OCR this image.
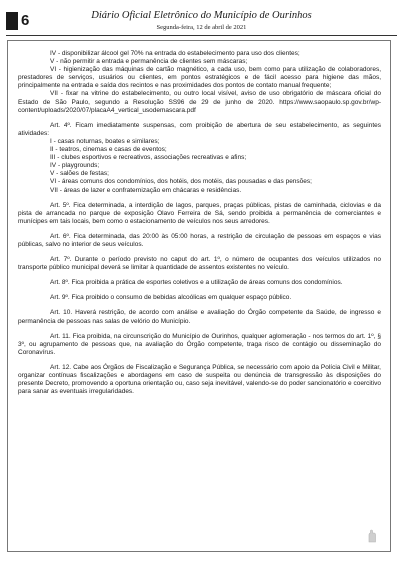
6	Diário Oficial Eletrônico do Município de Ourinhos
Segunda-feira, 12 de abril de 2021

IV - disponibilizar álcool gel 70% na entrada do estabelecimento para uso dos clientes;

V - não permitir a entrada e permanência de clientes sem máscaras;

VI - higienização das máquinas de cartão magnético, a cada uso, bem como para utilização de colaboradores, prestadores de serviços, usuários ou clientes, em pontos estratégicos e de fácil acesso para higiene das mãos, principalmente na entrada e saída dos recintos e nas proximidades dos pontos de contato manual frequente;

VII - fixar na vitrine do estabelecimento, ou outro local visível, aviso de uso obrigatório de máscara oficial do Estado de São Paulo, segundo a Resolução SS96 de 29 de junho de 2020. https://www.saopaulo.sp.gov.br/wp-content/uploads/2020/07/placaA4_vertical_usodemascara.pdf

Art. 4º. Ficam imediatamente suspensas, com proibição de abertura de seu estabelecimento, as seguintes atividades:

I - casas noturnas, boates e similares;

II - teatros, cinemas e casas de eventos;

III - clubes esportivos e recreativos, associações recreativas e afins;

IV - playgrounds;

V - salões de festas;

VI - áreas comuns dos condomínios, dos hotéis, dos motéis, das pousadas e das pensões;

VII - áreas de lazer e confraternização em chácaras e residências.

Art. 5º. Fica determinada, a interdição de lagos, parques, praças públicas, pistas de caminhada, ciclovias e da pista de arrancada no parque de exposição Olavo Ferreira de Sá, sendo proibida a permanência de comerciantes e munícipes em tais locais, bem como o estacionamento de veículos nos seus arredores.

Art. 6º. Fica determinada, das 20:00 às 05:00 horas, a restrição de circulação de pessoas em espaços e vias públicas, salvo no interior de seus veículos.

Art. 7º. Durante o período previsto no caput do art. 1º, o número de ocupantes dos veículos utilizados no transporte público municipal deverá se limitar à quantidade de assentos existentes no veículo.

Art. 8º. Fica proibida a prática de esportes coletivos e a utilização de áreas comuns dos condomínios.

Art. 9º. Fica proibido o consumo de bebidas alcoólicas em qualquer espaço público.

Art. 10. Haverá restrição, de acordo com análise e avaliação do Órgão competente da Saúde, de ingresso e permanência de pessoas nas salas de velório do Município.

Art. 11. Fica proibida, na circunscrição do Município de Ourinhos, qualquer aglomeração - nos termos do art. 1º, § 3º, ou agrupamento de pessoas que, na avaliação do Órgão competente, traga risco de contágio ou disseminação do Coronavírus.

Art. 12. Cabe aos Órgãos de Fiscalização e Segurança Pública, se necessário com apoio da Polícia Civil e Militar, organizar contínuas fiscalizações e abordagens em caso de suspeita ou denúncia de transgressão às disposições do presente Decreto, promovendo a oportuna orientação ou, caso seja inevitável, valendo-se do poder sancionatório e coercitivo para sanar as eventuais irregularidades.
